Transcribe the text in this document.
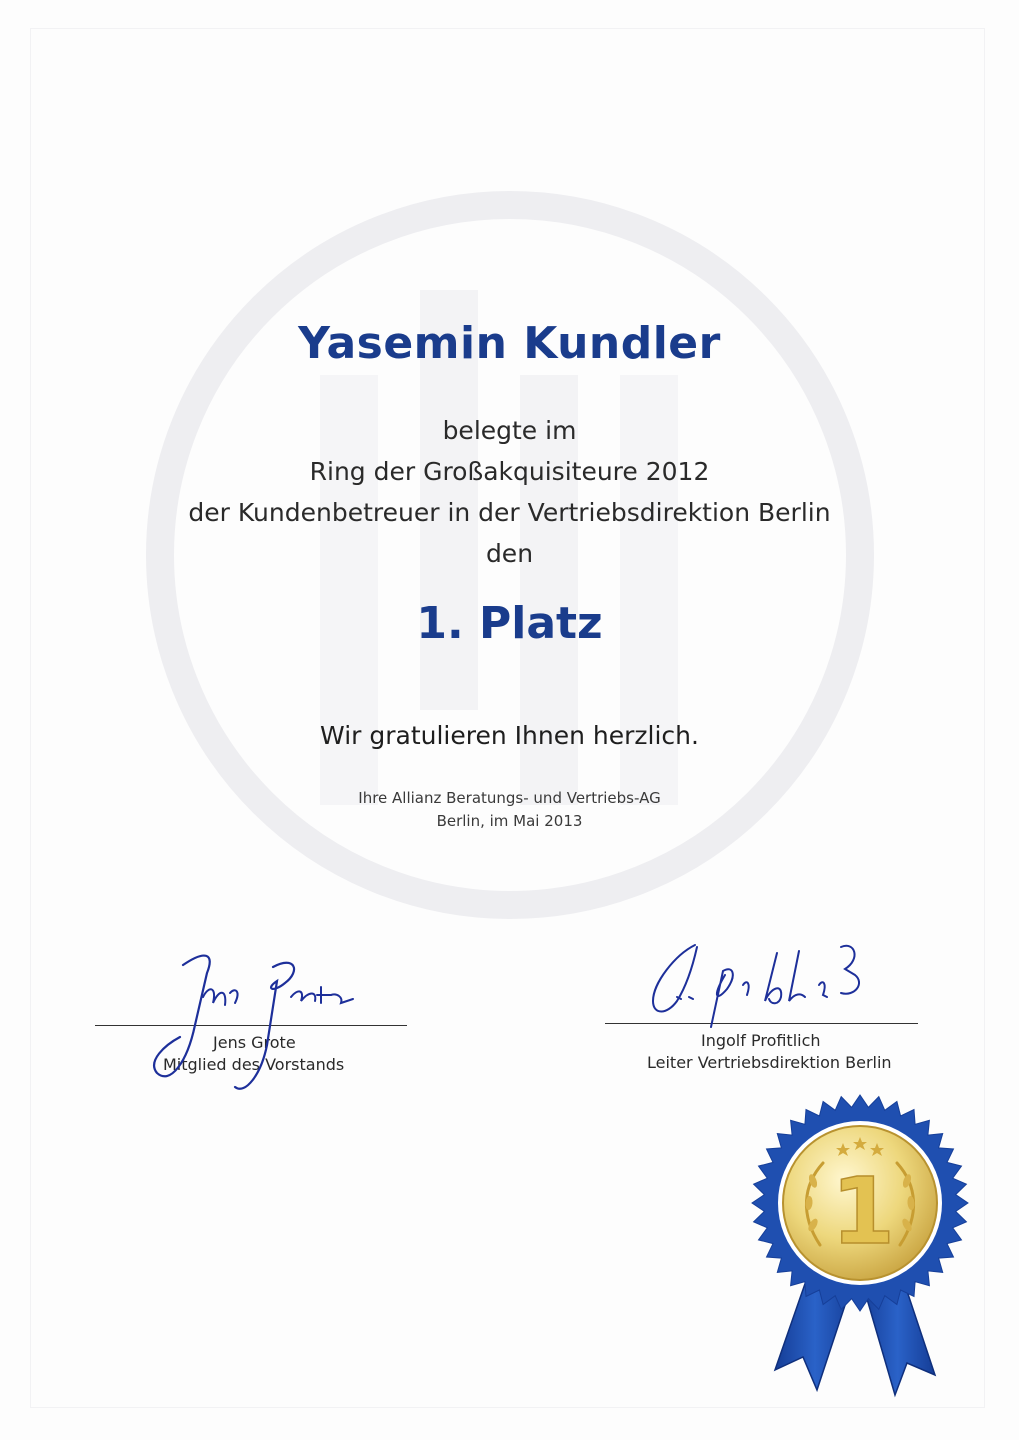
Yasemin Kundler
belegte im
Ring der Großakquisiteure 2012
der Kundenbetreuer in der Vertriebsdirektion Berlin
den
1. Platz
Wir gratulieren Ihnen herzlich.
Ihre Allianz Beratungs- und Vertriebs-AG
Berlin, im Mai 2013
Jens Grote
Mitglied des Vorstands
Ingolf Profitlich
Leiter Vertriebsdirektion Berlin
1
